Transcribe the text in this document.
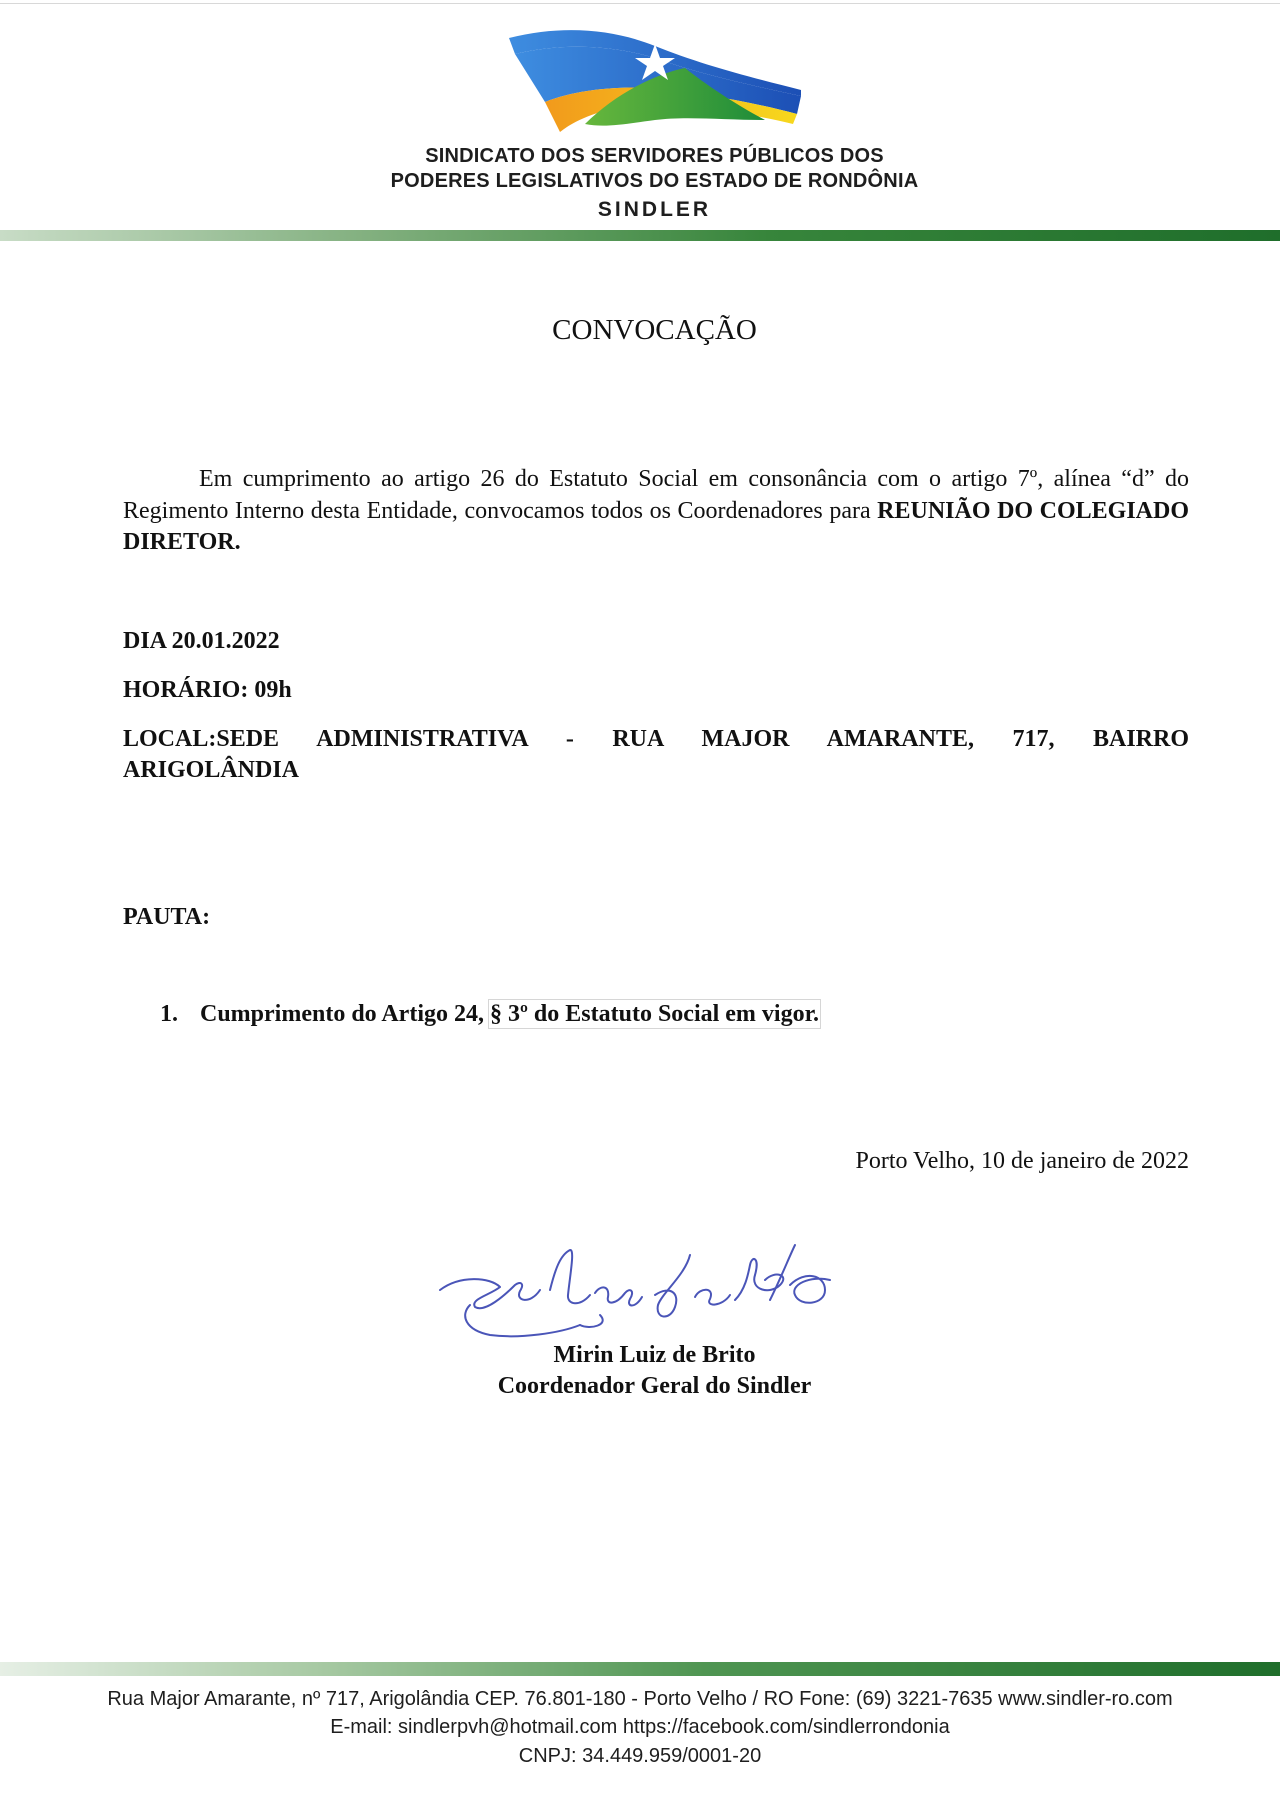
SINDICATO DOS SERVIDORES PÚBLICOS DOS
PODERES LEGISLATIVOS DO ESTADO DE RONDÔNIA
SINDLER
CONVOCAÇÃO
Em cumprimento ao artigo 26 do Estatuto Social em consonância com o artigo 7º, alínea “d” do Regimento Interno desta Entidade, convocamos todos os Coordenadores para REUNIÃO DO COLEGIADO DIRETOR.
DIA 20.01.2022
HORÁRIO: 09h
LOCAL:SEDE ADMINISTRATIVA - RUA MAJOR AMARANTE, 717, BAIRRO
ARIGOLÂNDIA
PAUTA:
1. Cumprimento do Artigo 24, § 3º do Estatuto Social em vigor.
Porto Velho, 10 de janeiro de 2022
Mirin Luiz de Brito
Coordenador Geral do Sindler
Rua Major Amarante, nº 717, Arigolândia CEP. 76.801-180 - Porto Velho / RO Fone: (69) 3221-7635 www.sindler-ro.com
E-mail: sindlerpvh@hotmail.com https://facebook.com/sindlerrondonia
CNPJ: 34.449.959/0001-20
